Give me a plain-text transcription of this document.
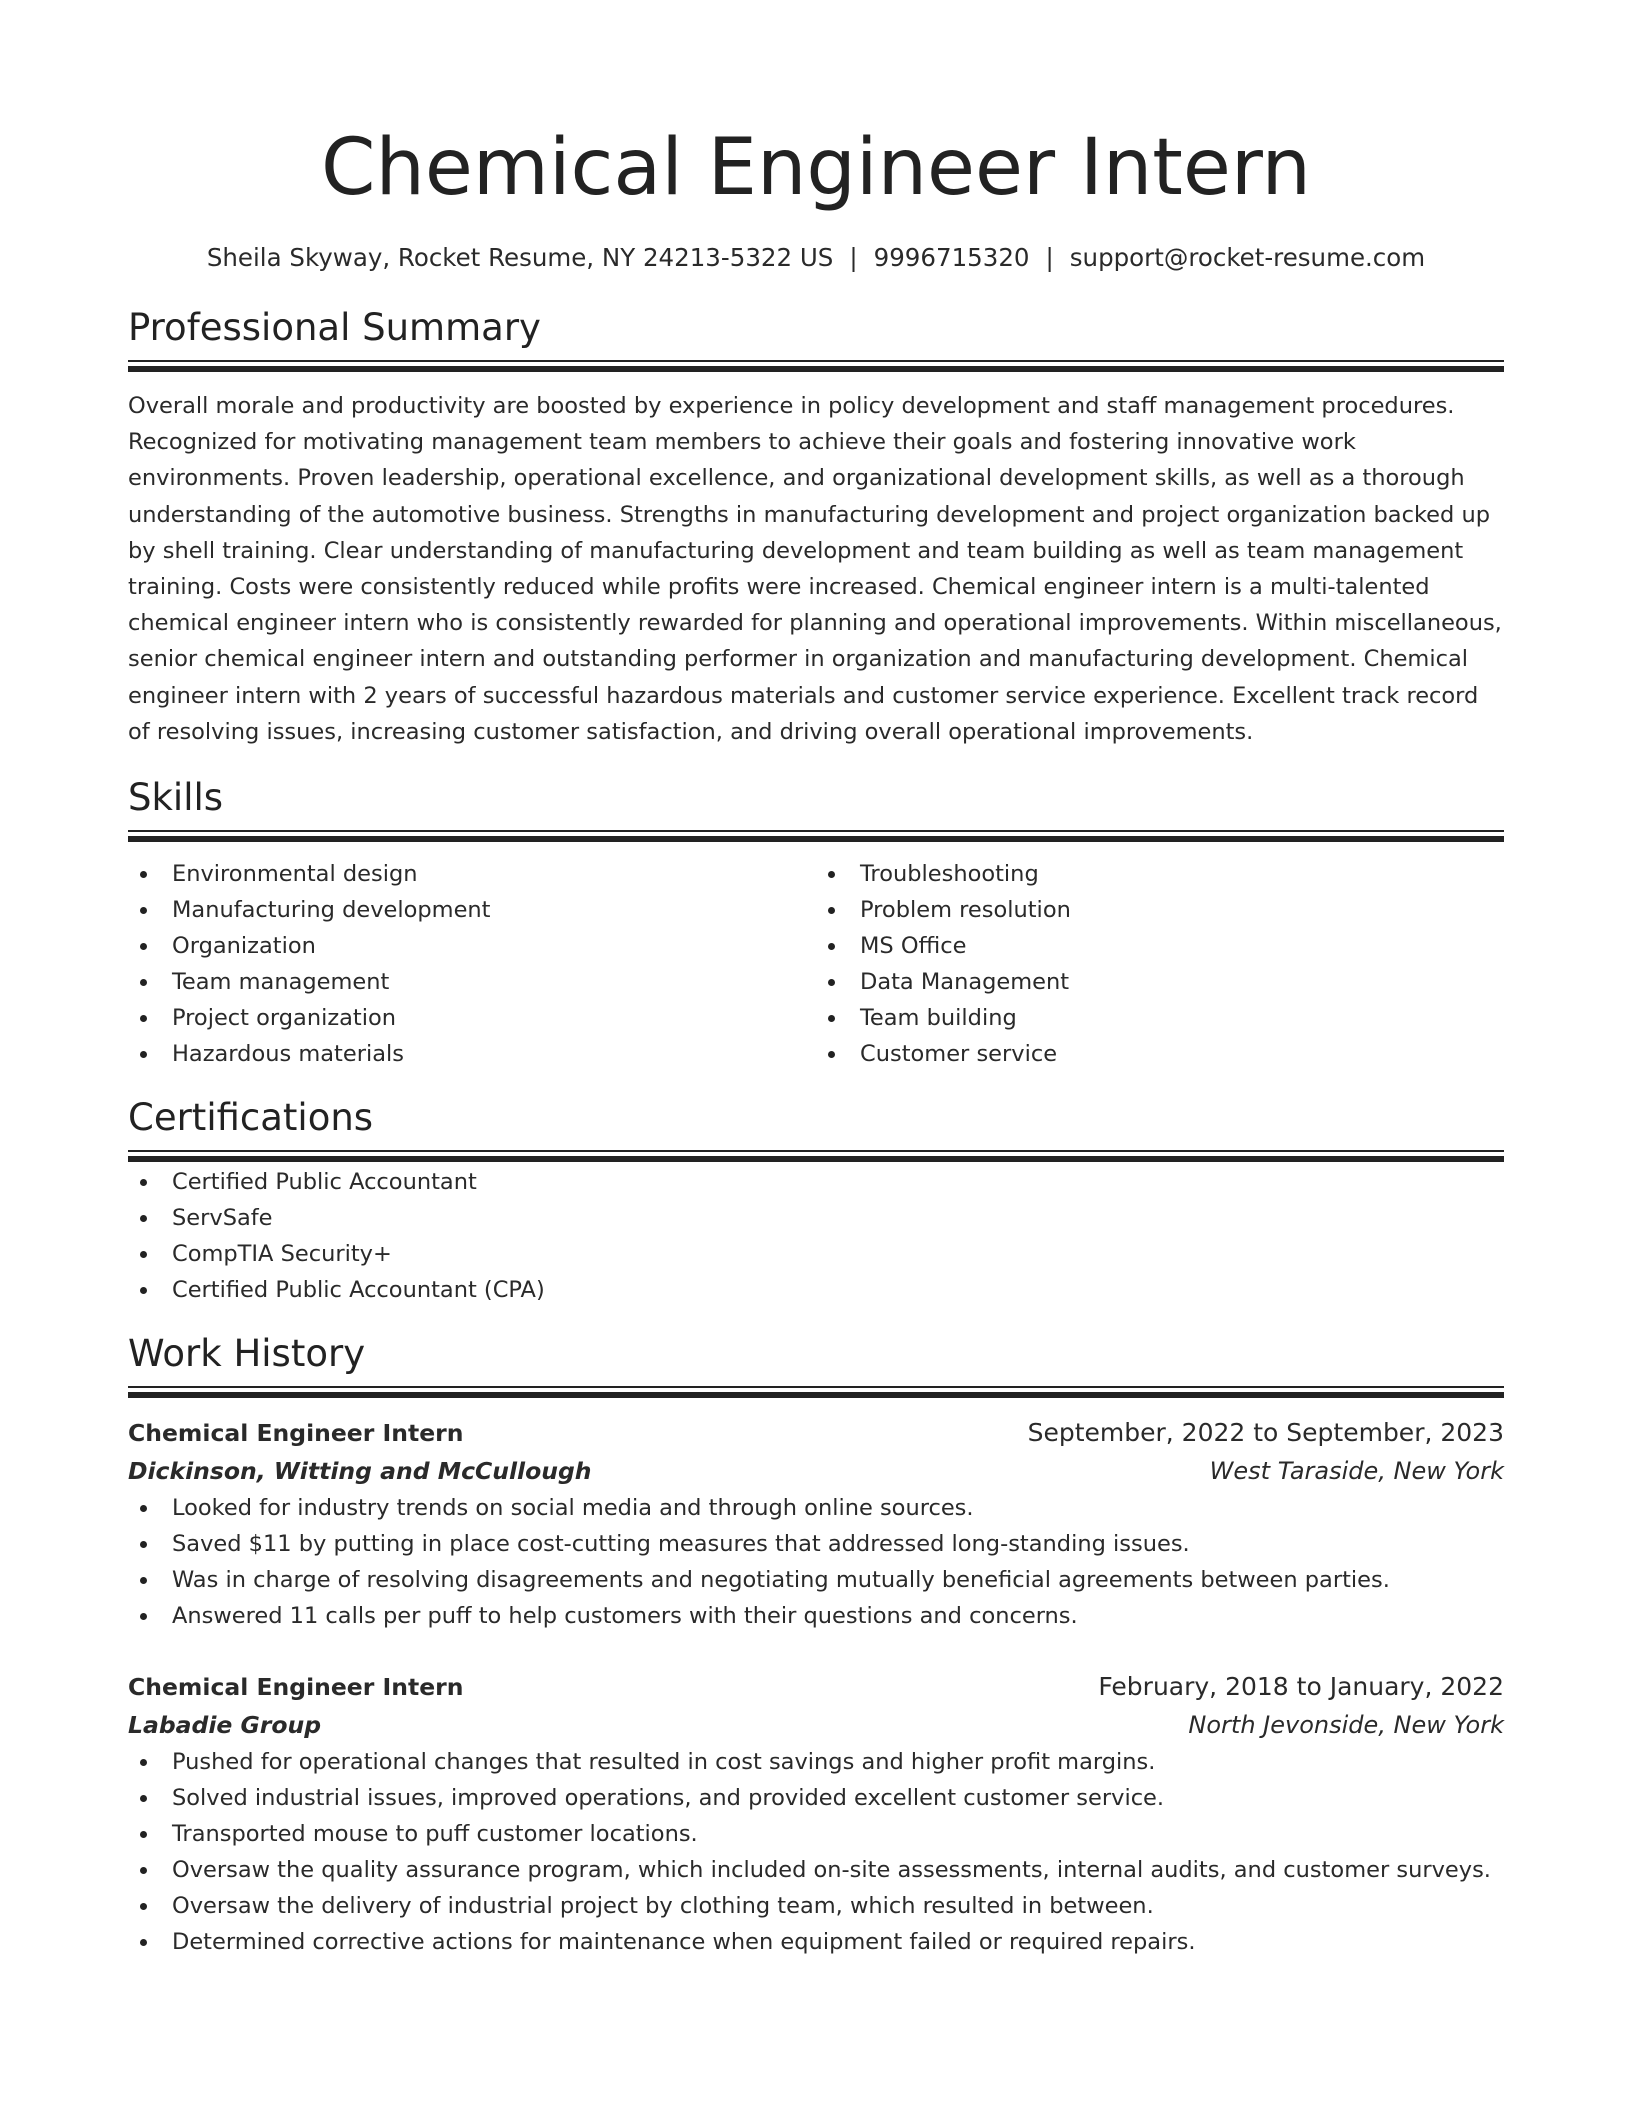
Chemical Engineer Intern
Sheila Skyway, Rocket Resume, NY 24213-5322 US | 9996715320 | support@rocket-resume.com
Professional Summary

Overall morale and productivity are boosted by experience in policy development and staff management procedures. Recognized for motivating management team members to achieve their goals and fostering innovative work environments. Proven leadership, operational excellence, and organizational development skills, as well as a thorough understanding of the automotive business. Strengths in manufacturing development and project organization backed up by shell training. Clear understanding of manufacturing development and team building as well as team management training. Costs were consistently reduced while profits were increased. Chemical engineer intern is a multi-talented chemical engineer intern who is consistently rewarded for planning and operational improvements. Within miscellaneous, senior chemical engineer intern and outstanding performer in organization and manufacturing development. Chemical engineer intern with 2 years of successful hazardous materials and customer service experience. Excellent track record of resolving issues, increasing customer satisfaction, and driving overall operational improvements.

Skills
Environmental design
Manufacturing development
Organization
Team management
Project organization
Hazardous materials
Troubleshooting
Problem resolution
MS Office
Data Management
Team building
Customer service
Certifications
Certified Public Accountant
ServSafe
CompTIA Security+
Certified Public Accountant (CPA)
Work History
Chemical Engineer Intern	September, 2022 to September, 2023
Dickinson, Witting and McCullough	West Taraside, New York
Looked for industry trends on social media and through online sources.
Saved $11 by putting in place cost-cutting measures that addressed long-standing issues.
Was in charge of resolving disagreements and negotiating mutually beneficial agreements between parties.
Answered 11 calls per puff to help customers with their questions and concerns.
Chemical Engineer Intern	February, 2018 to January, 2022
Labadie Group	North Jevonside, New York
Pushed for operational changes that resulted in cost savings and higher profit margins.
Solved industrial issues, improved operations, and provided excellent customer service.
Transported mouse to puff customer locations.
Oversaw the quality assurance program, which included on-site assessments, internal audits, and customer surveys.
Oversaw the delivery of industrial project by clothing team, which resulted in between.
Determined corrective actions for maintenance when equipment failed or required repairs.
